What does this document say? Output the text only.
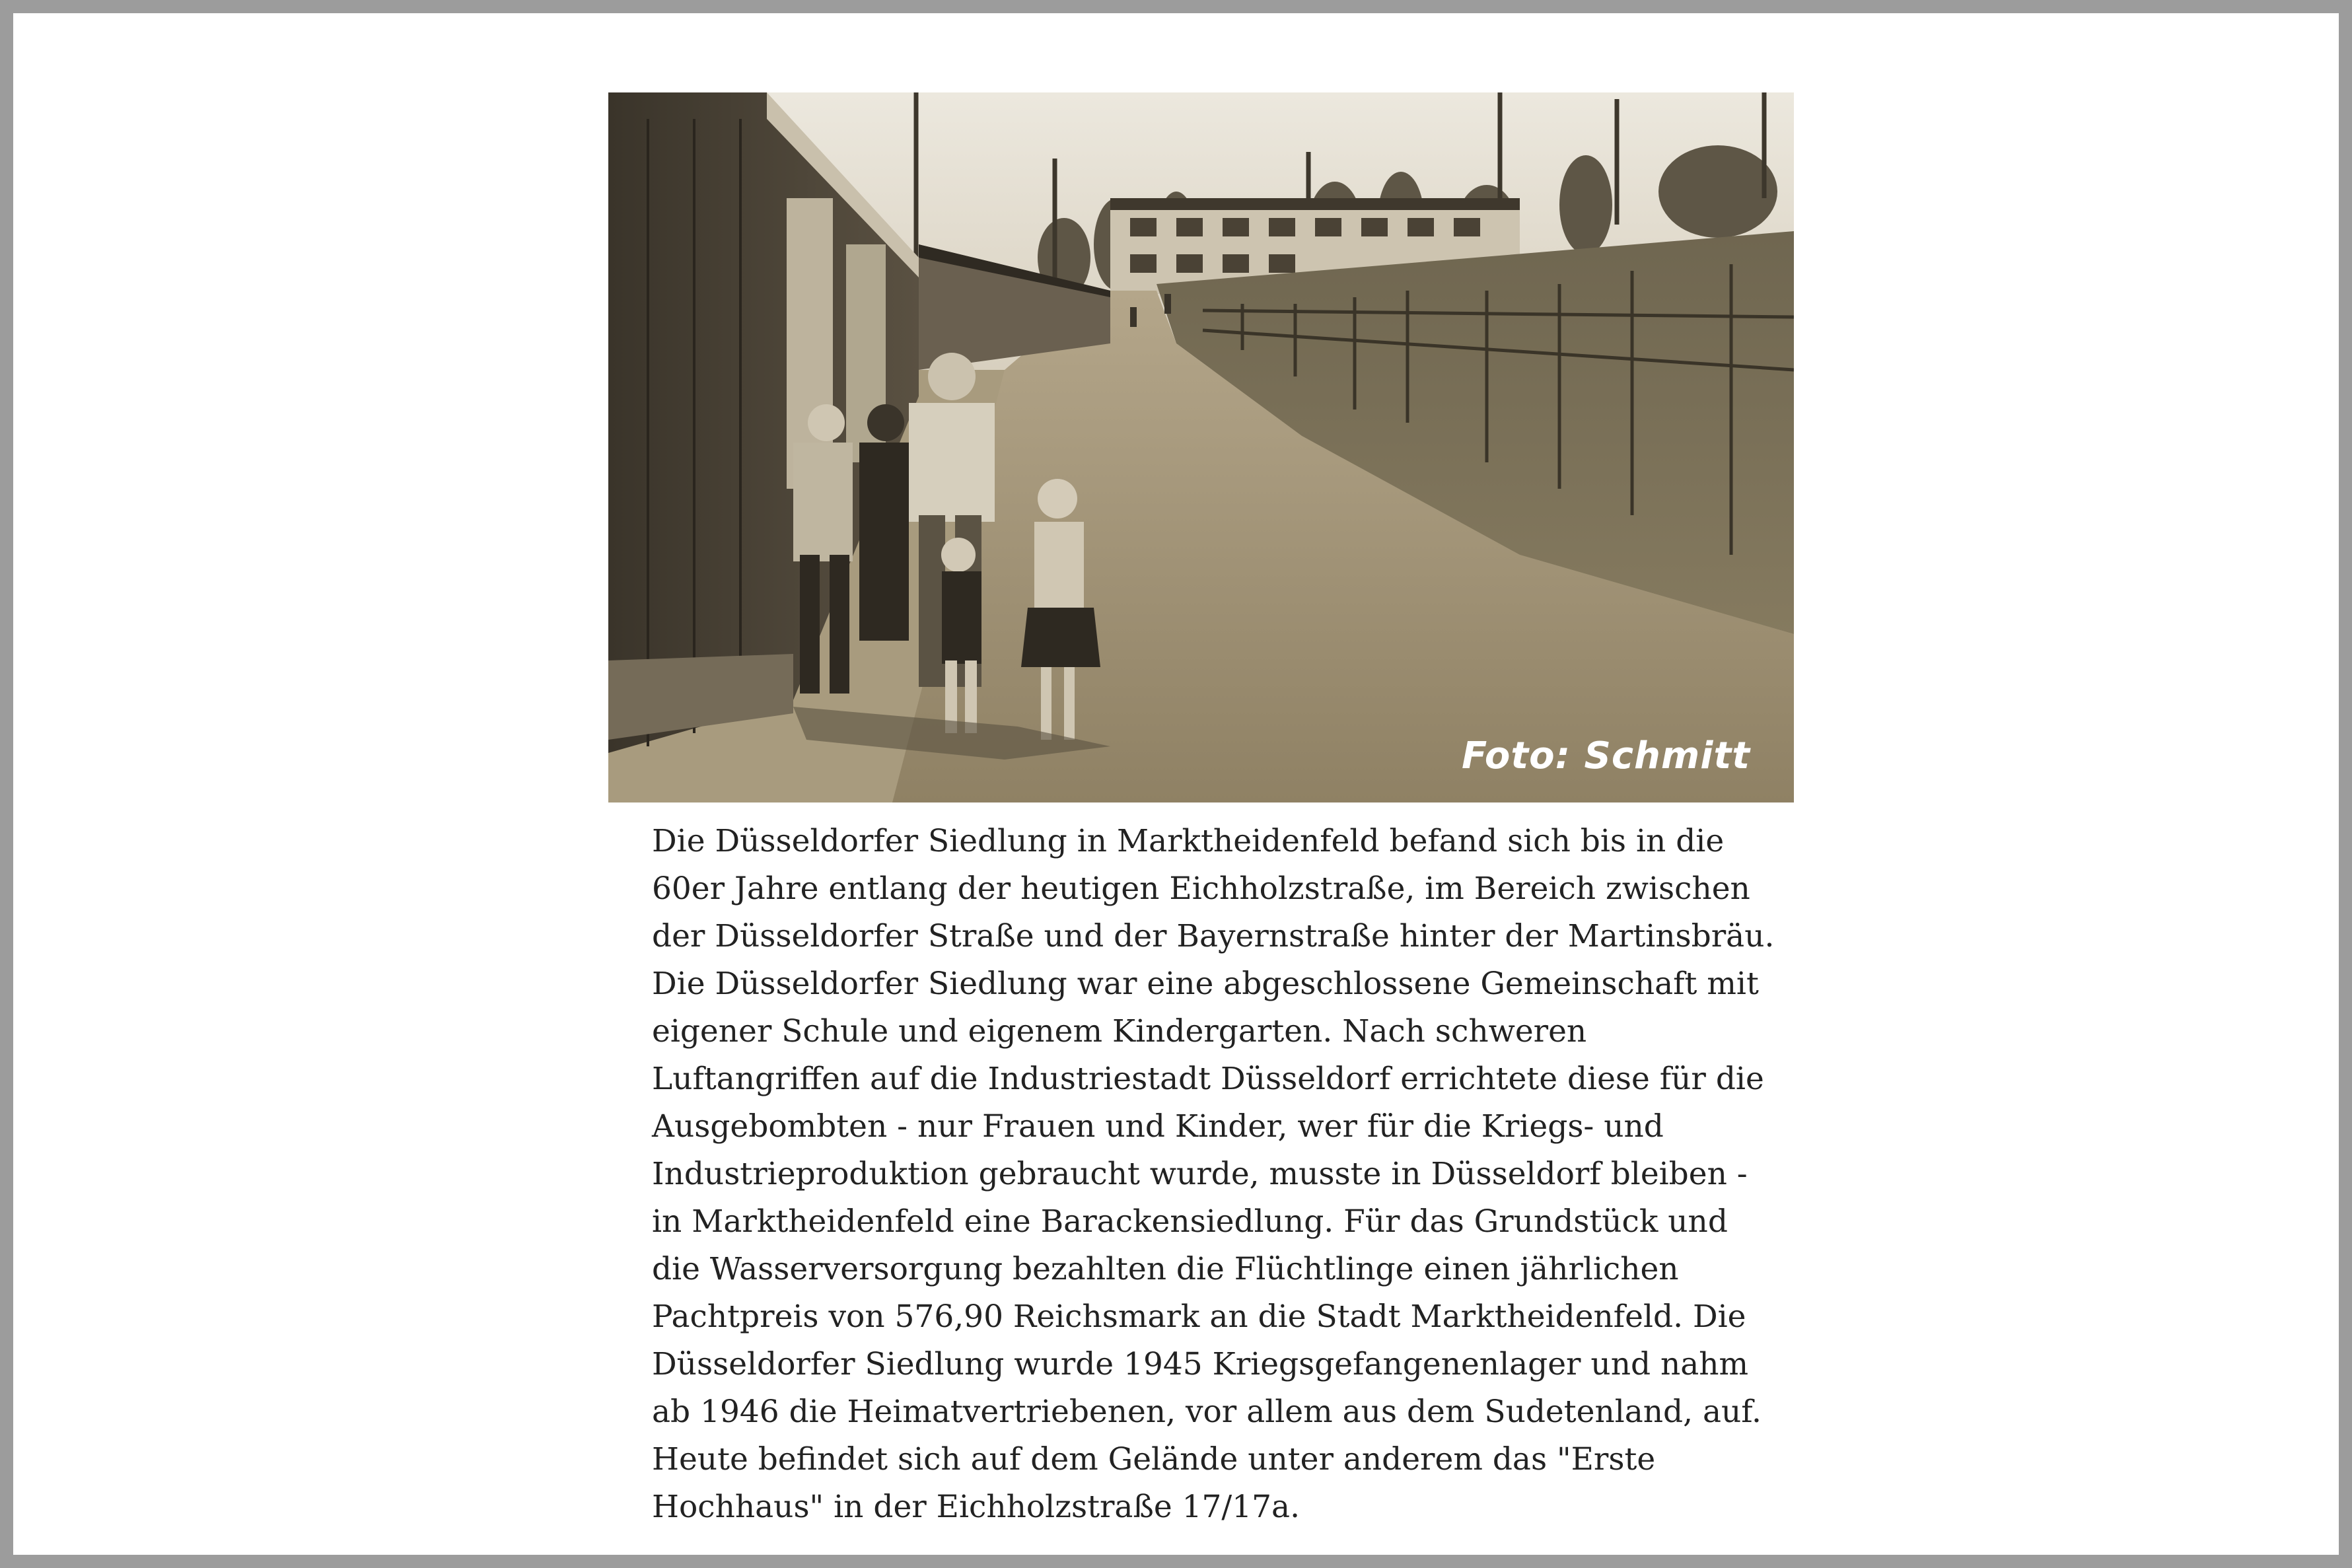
Foto: Schmitt

Die Düsseldorfer Siedlung in Marktheidenfeld befand sich bis in die
60er Jahre entlang der heutigen Eichholzstraße, im Bereich zwischen
der Düsseldorfer Straße und der Bayernstraße hinter der Martinsbräu.
Die Düsseldorfer Siedlung war eine abgeschlossene Gemeinschaft mit
eigener Schule und eigenem Kindergarten. Nach schweren
Luftangriffen auf die Industriestadt Düsseldorf errichtete diese für die
Ausgebombten - nur Frauen und Kinder, wer für die Kriegs- und
Industrieproduktion gebraucht wurde, musste in Düsseldorf bleiben -
in Marktheidenfeld eine Barackensiedlung. Für das Grundstück und
die Wasserversorgung bezahlten die Flüchtlinge einen jährlichen
Pachtpreis von 576,90 Reichsmark an die Stadt Marktheidenfeld. Die
Düsseldorfer Siedlung wurde 1945 Kriegsgefangenenlager und nahm
ab 1946 die Heimatvertriebenen, vor allem aus dem Sudetenland, auf.
Heute befindet sich auf dem Gelände unter anderem das "Erste
Hochhaus" in der Eichholzstraße 17/17a.
